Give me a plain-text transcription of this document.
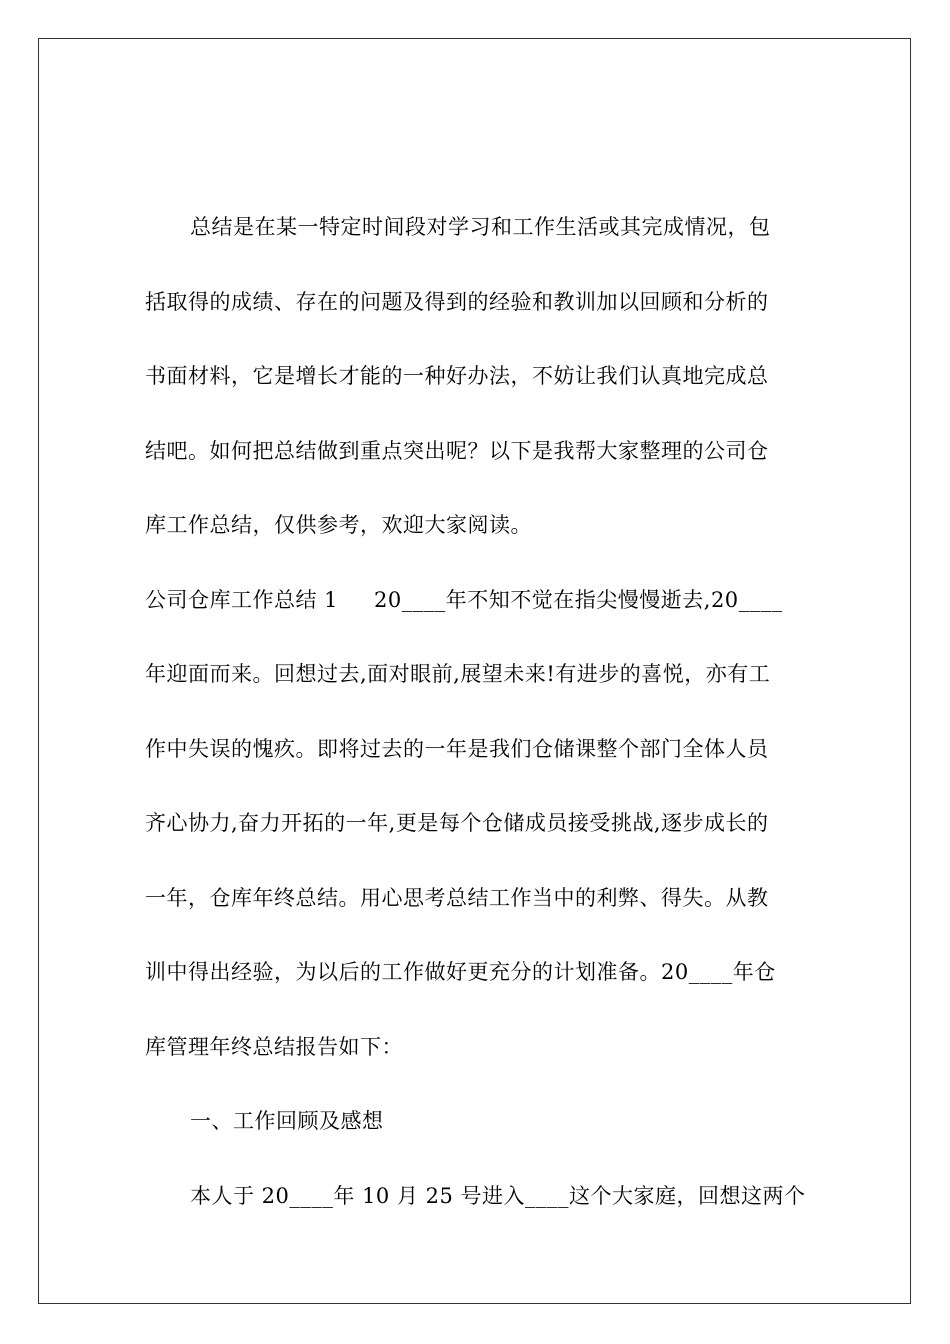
总结是在某一特定时间段对学习和工作生活或其完成情况，包
括取得的成绩、存在的问题及得到的经验和教训加以回顾和分析的
书面材料，它是增长才能的一种好办法，不妨让我们认真地完成总
结吧。如何把总结做到重点突出呢？以下是我帮大家整理的公司仓
库工作总结，仅供参考，欢迎大家阅读。
公司仓库工作总结 1 20____年不知不觉在指尖慢慢逝去,20____
年迎面而来。回想过去,面对眼前,展望未来!有进步的喜悦，亦有工
作中失误的愧疚。即将过去的一年是我们仓储课整个部门全体人员
齐心协力,奋力开拓的一年,更是每个仓储成员接受挑战,逐步成长的
一年，仓库年终总结。用心思考总结工作当中的利弊、得失。从教
训中得出经验，为以后的工作做好更充分的计划准备。20____年仓
库管理年终总结报告如下：
一、工作回顾及感想
本人于 20____年 10 月 25 号进入____这个大家庭，回想这两个
